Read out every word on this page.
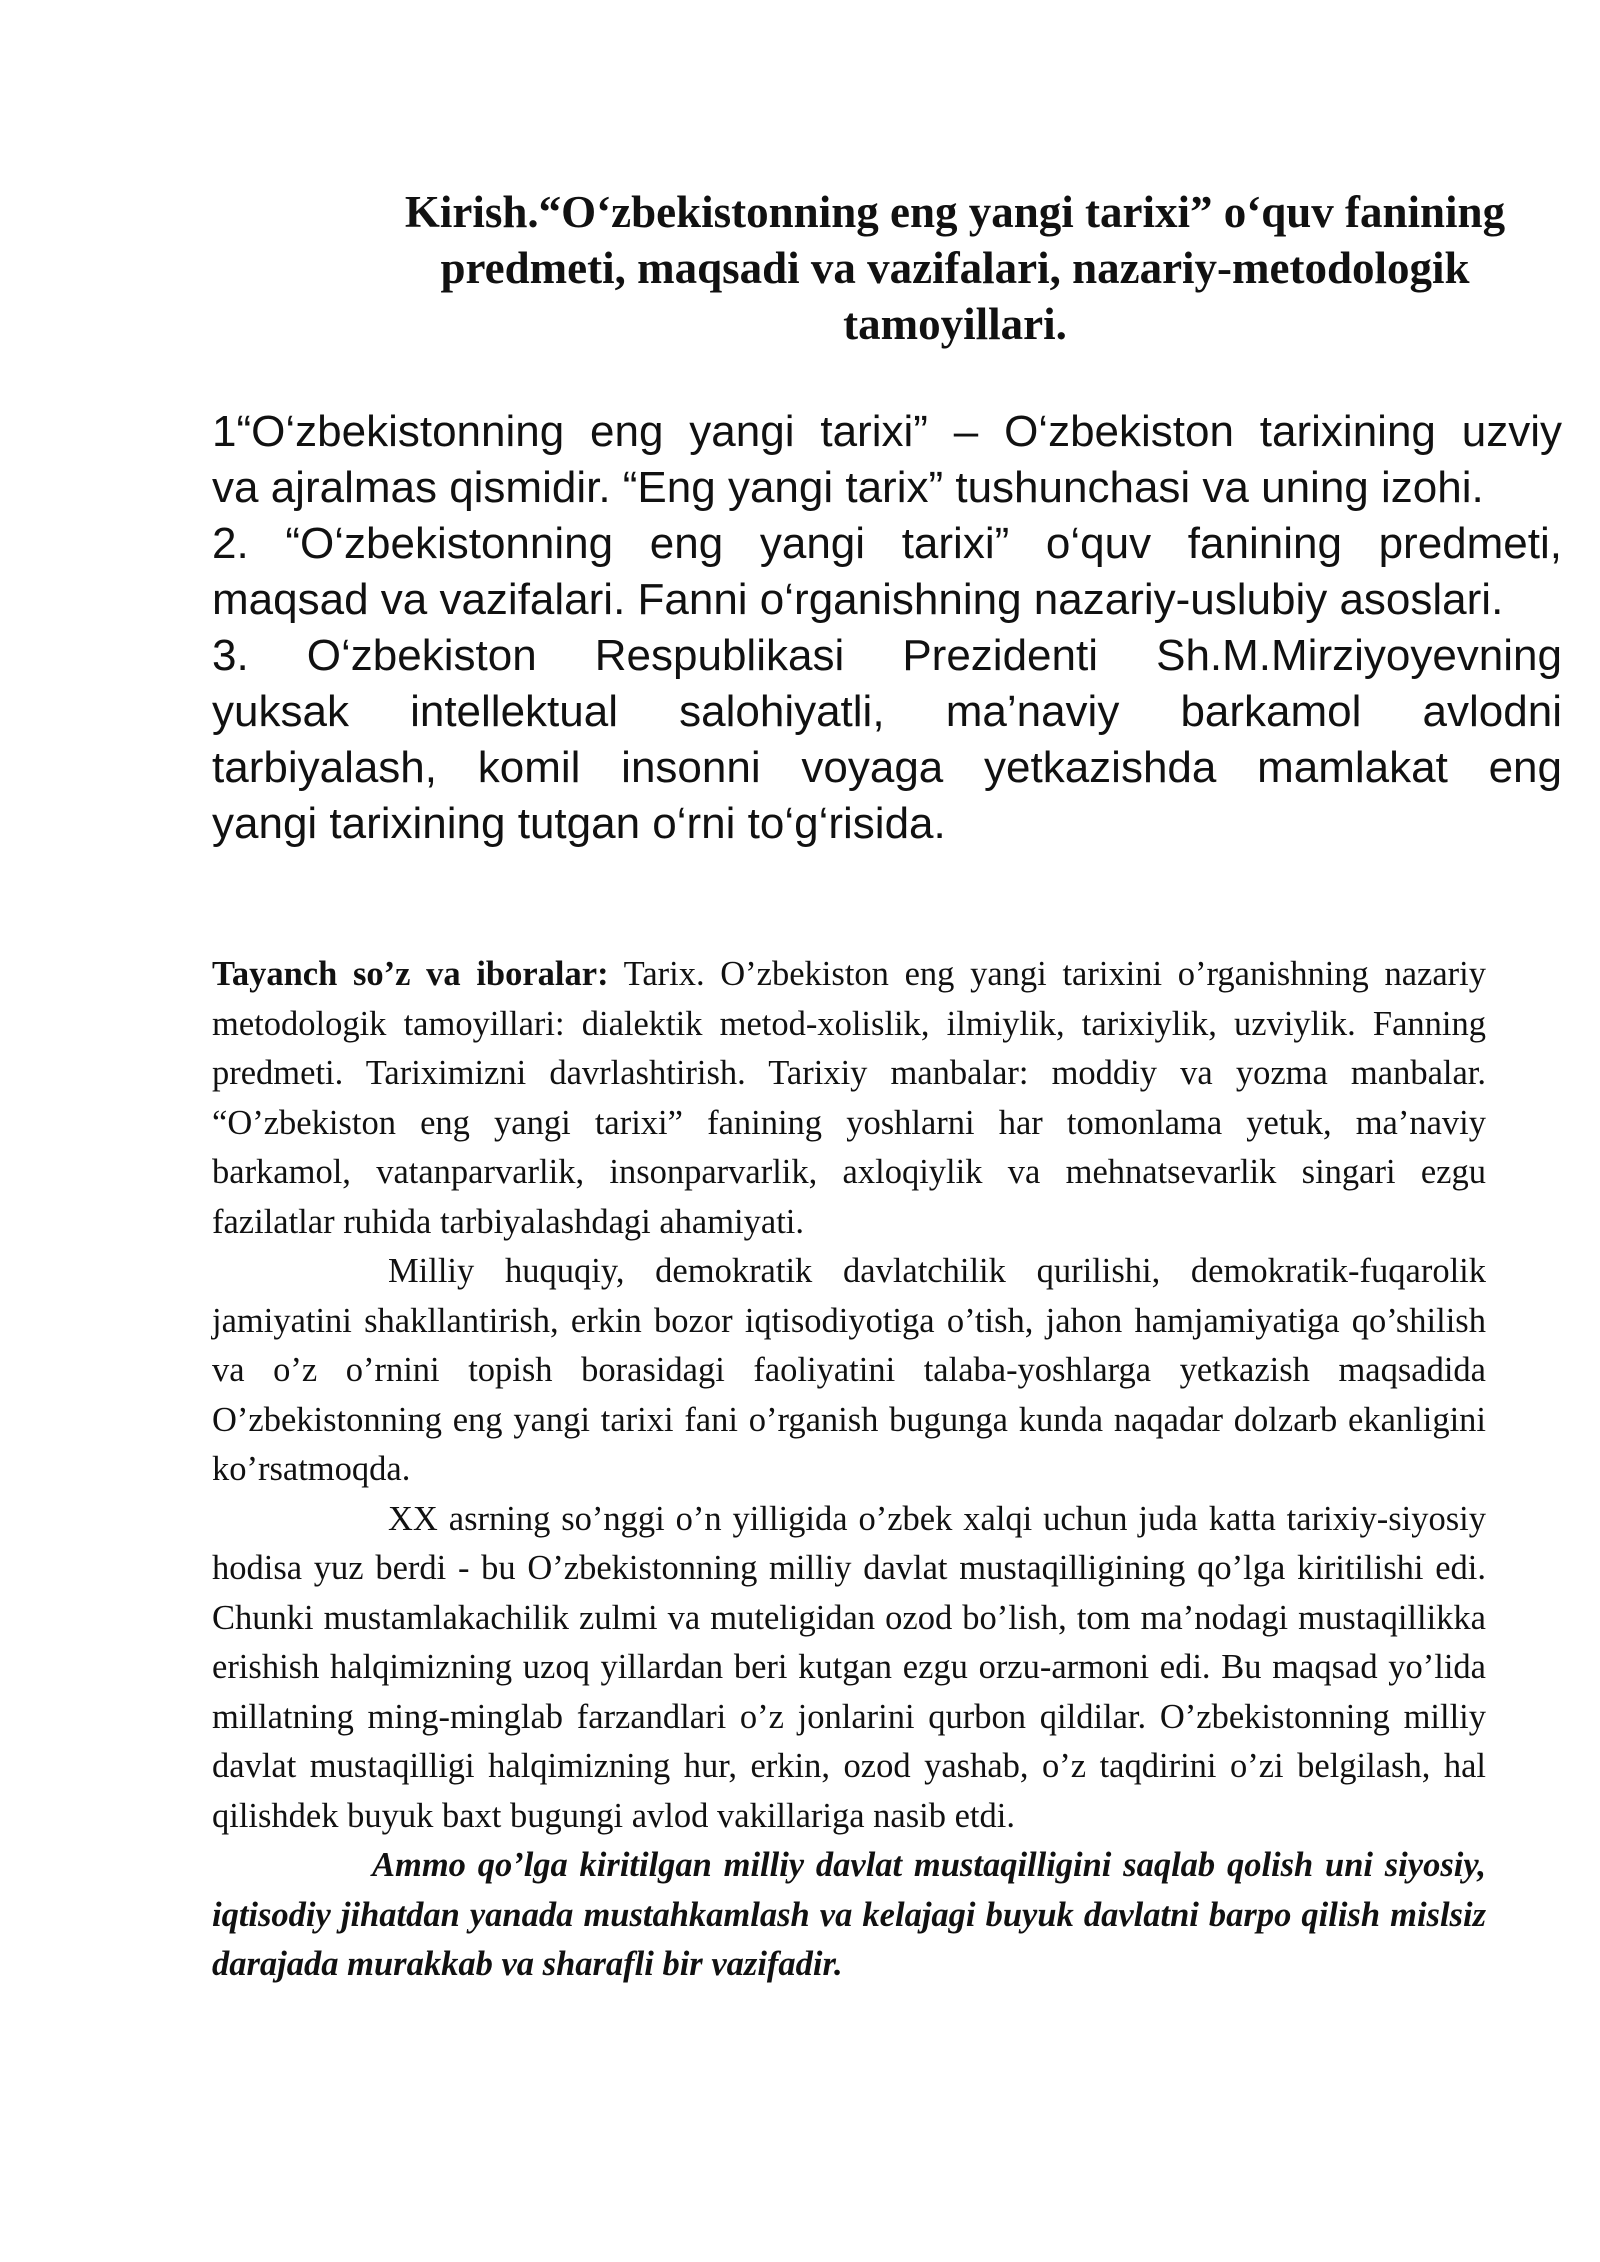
Kirish.“O‘zbekistonning eng yangi tarixi” o‘quv fanining
predmeti, maqsadi va vazifalari, nazariy-metodologik
tamoyillari.
1“O‘zbekistonning eng yangi tarixi” – O‘zbekiston tarixining uzviy
va ajralmas qismidir. “Eng yangi tarix” tushunchasi va uning izohi.
2. “O‘zbekistonning eng yangi tarixi” o‘quv fanining predmeti,
maqsad va vazifalari. Fanni o‘rganishning nazariy-uslubiy asoslari.
3. O‘zbekiston Respublikasi Prezidenti Sh.M.Mirziyoyevning
yuksak intellektual salohiyatli, ma’naviy barkamol avlodni
tarbiyalash, komil insonni voyaga yetkazishda mamlakat eng
yangi tarixining tutgan o‘rni to‘g‘risida.

Tayanch so’z va iboralar: Tarix. O’zbekiston eng yangi tarixini o’rganishning nazariy metodologik tamoyillari: dialektik metod-xolislik, ilmiylik, tarixiylik, uzviylik. Fanning predmeti. Tariximizni davrlashtirish. Tarixiy manbalar: moddiy va yozma manbalar. “O’zbekiston eng yangi tarixi” fanining yoshlarni har tomonlama yetuk, ma’naviy barkamol, vatanparvarlik, insonparvarlik, axloqiylik va mehnatsevarlik singari ezgu fazilatlar ruhida tarbiyalashdagi ahamiyati.

Milliy huquqiy, demokratik davlatchilik qurilishi, demokratik-fuqarolik jamiyatini shakllantirish, erkin bozor iqtisodiyotiga o’tish, jahon hamjamiyatiga qo’shilish va o’z o’rnini topish borasidagi faoliyatini talaba-yoshlarga yetkazish maqsadida O’zbekistonning eng yangi tarixi fani o’rganish bugunga kunda naqadar dolzarb ekanligini ko’rsatmoqda.

XX asrning so’nggi o’n yilligida o’zbek xalqi uchun juda katta tarixiy-siyosiy hodisa yuz berdi - bu O’zbekistonning milliy davlat mustaqilligining qo’lga kiritilishi edi. Chunki mustamlakachilik zulmi va muteligidan ozod bo’lish, tom ma’nodagi mustaqillikka erishish halqimizning uzoq yillardan beri kutgan ezgu orzu-armoni edi. Bu maqsad yo’lida millatning ming-minglab farzandlari o’z jonlarini qurbon qildilar. O’zbekistonning milliy davlat mustaqilligi halqimizning hur, erkin, ozod yashab, o’z taqdirini o’zi belgilash, hal qilishdek buyuk baxt bugungi avlod vakillariga nasib etdi.

Ammo qo’lga kiritilgan milliy davlat mustaqilligini saqlab qolish uni siyosiy, iqtisodiy jihatdan yanada mustahkamlash va kelajagi buyuk davlatni barpo qilish mislsiz darajada murakkab va sharafli bir vazifadir.
